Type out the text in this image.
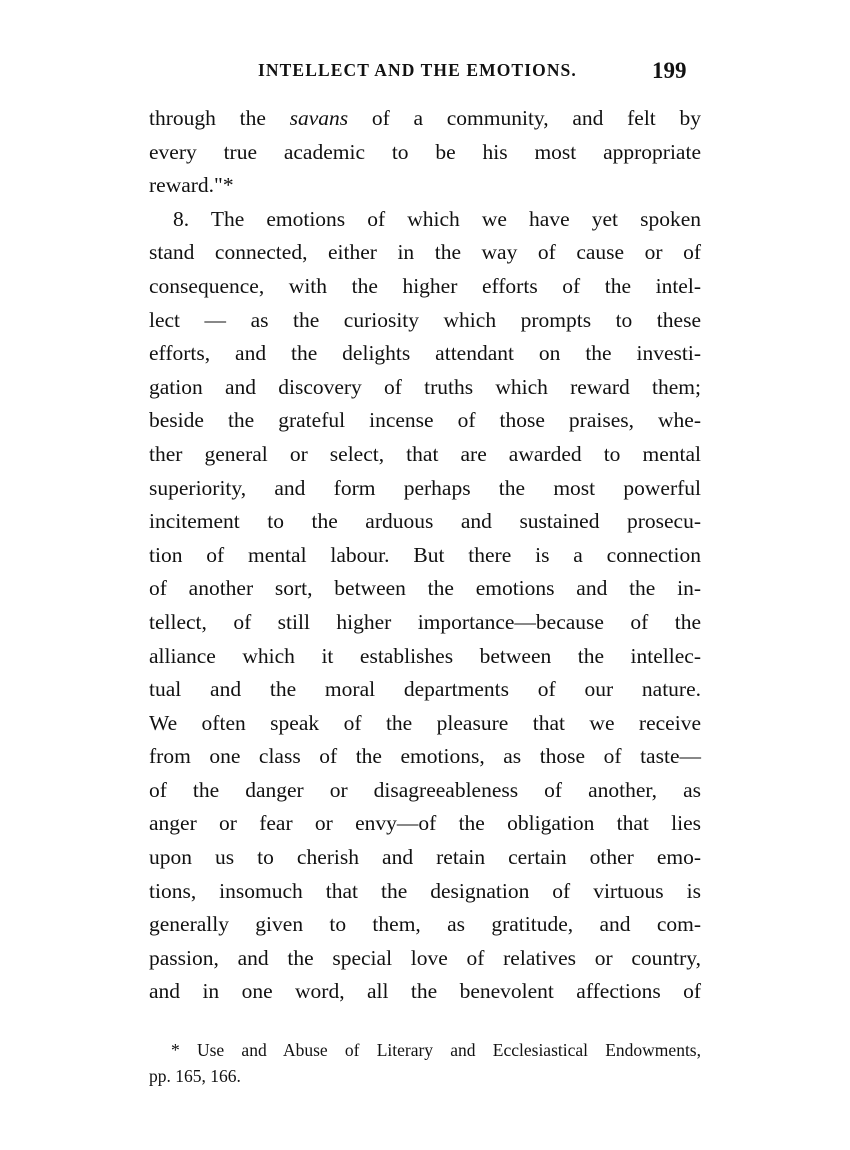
INTELLECT AND THE EMOTIONS.	199
through the savans of a community, and felt by
every true academic to be his most appropriate
reward."*
8. The emotions of which we have yet spoken
stand connected, either in the way of cause or of
consequence, with the higher efforts of the intel-
lect — as the curiosity which prompts to these
efforts, and the delights attendant on the investi-
gation and discovery of truths which reward them;
beside the grateful incense of those praises, whe-
ther general or select, that are awarded to mental
superiority, and form perhaps the most powerful
incitement to the arduous and sustained prosecu-
tion of mental labour. But there is a connection
of another sort, between the emotions and the in-
tellect, of still higher importance—because of the
alliance which it establishes between the intellec-
tual and the moral departments of our nature.
We often speak of the pleasure that we receive
from one class of the emotions, as those of taste—
of the danger or disagreeableness of another, as
anger or fear or envy—of the obligation that lies
upon us to cherish and retain certain other emo-
tions, insomuch that the designation of virtuous is
generally given to them, as gratitude, and com-
passion, and the special love of relatives or country,
and in one word, all the benevolent affections of
* Use and Abuse of Literary and Ecclesiastical Endowments,
pp. 165, 166.
